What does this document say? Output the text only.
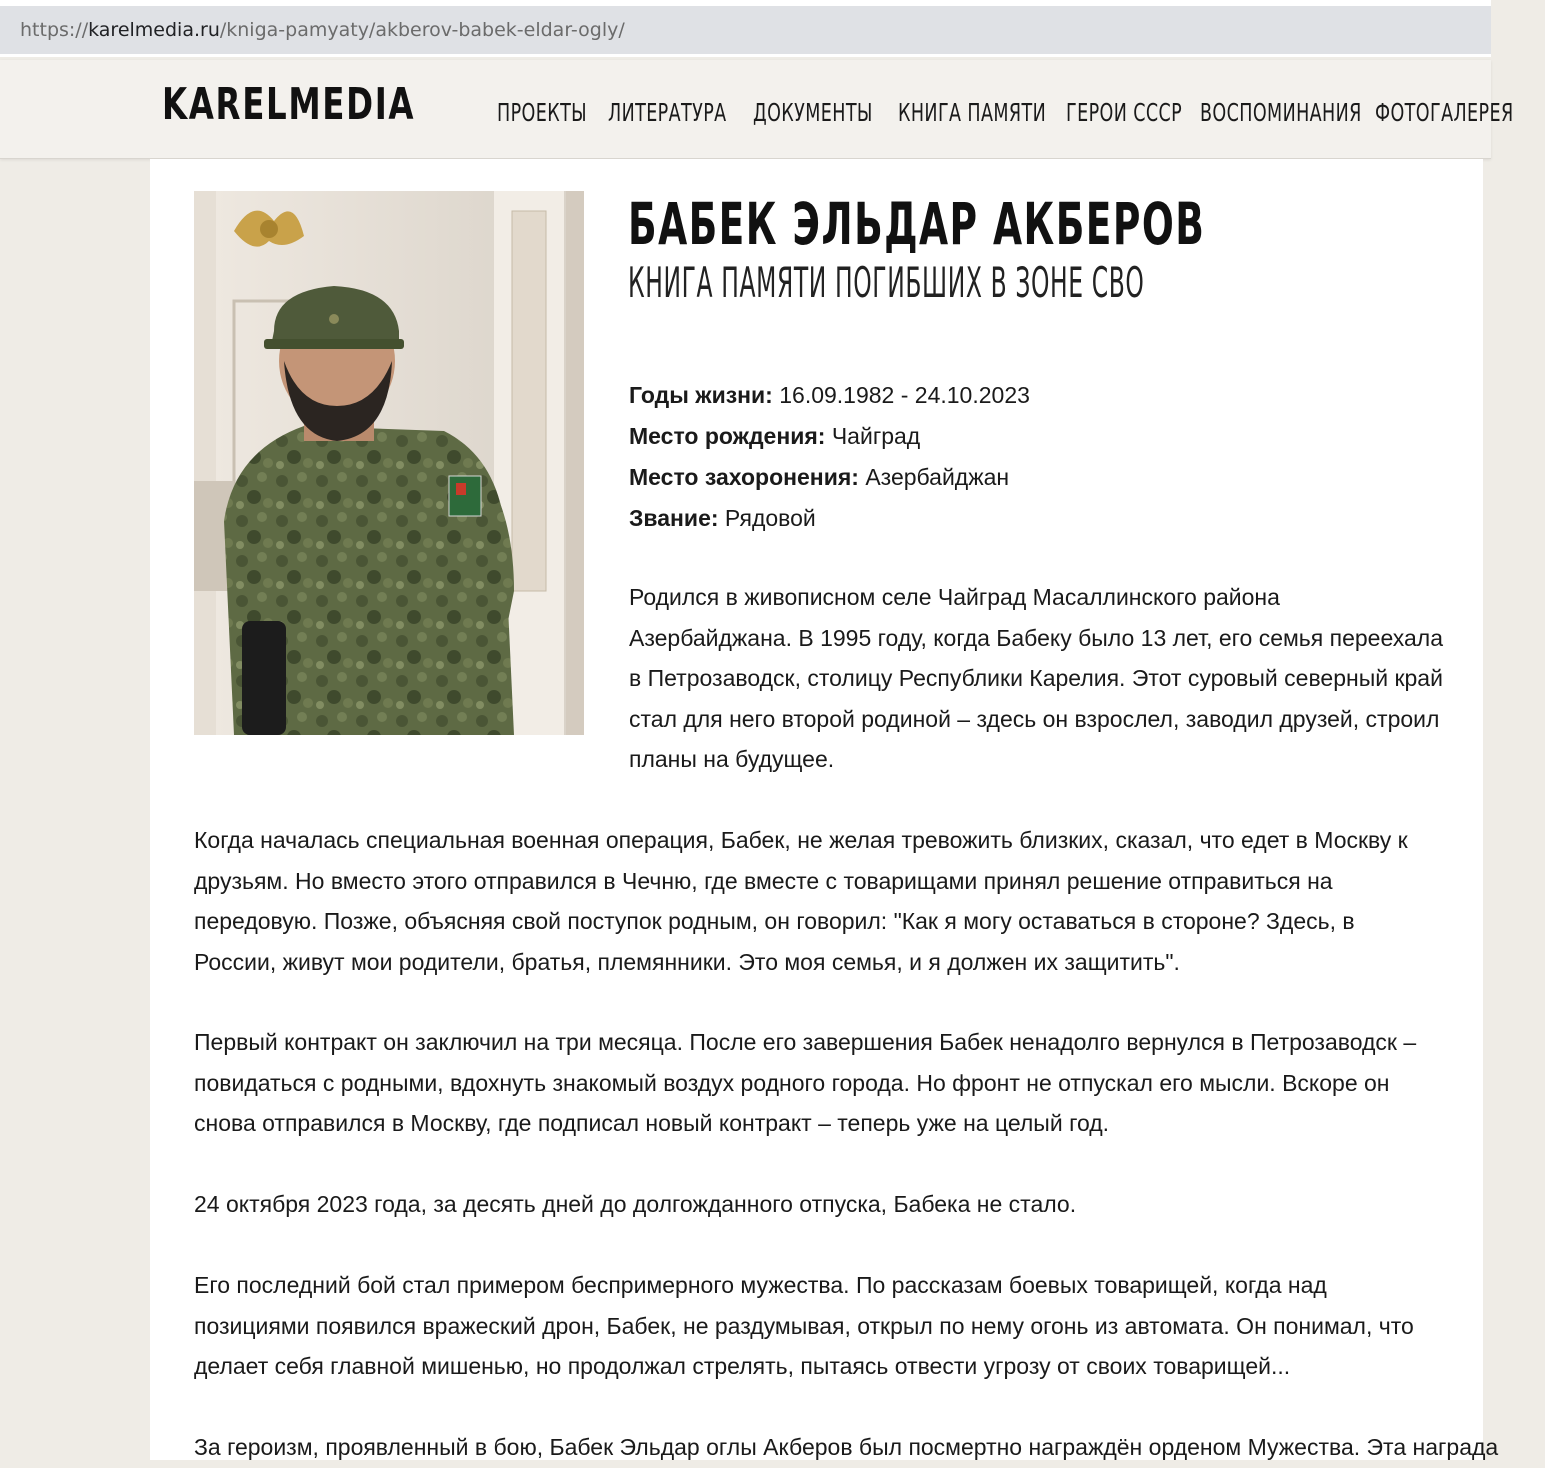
https:// karelmedia.ru /kniga-pamyaty/akberov-babek-eldar-ogly/
KARELMEDIA	ПРОЕКТЫ ЛИТЕРАТУРА ДОКУМЕНТЫ КНИГА ПАМЯТИ ГЕРОИ СССР ВОСПОМИНАНИЯ ФОТОГАЛЕРЕЯ
БАБЕК ЭЛЬДАР АКБЕРОВ
КНИГА ПАМЯТИ ПОГИБШИХ В ЗОНЕ СВО
Годы жизни: 16.09.1982 - 24.10.2023
Место рождения: Чайград
Место захоронения: Азербайджан
Звание: Рядовой

Родился в живописном селе Чайград Масаллинского района Азербайджана. В 1995 году, когда Бабеку было 13 лет, его семья переехала в Петрозаводск, столицу Республики Карелия. Этот суровый северный край стал для него второй родиной – здесь он взрослел, заводил друзей, строил планы на будущее.

Когда началась специальная военная операция, Бабек, не желая тревожить близких, сказал, что едет в Москву к друзьям. Но вместо этого отправился в Чечню, где вместе с товарищами принял решение отправиться на передовую. Позже, объясняя свой поступок родным, он говорил: "Как я могу оставаться в стороне? Здесь, в России, живут мои родители, братья, племянники. Это моя семья, и я должен их защитить".

Первый контракт он заключил на три месяца. После его завершения Бабек ненадолго вернулся в Петрозаводск – повидаться с родными, вдохнуть знакомый воздух родного города. Но фронт не отпускал его мысли. Вскоре он снова отправился в Москву, где подписал новый контракт – теперь уже на целый год.

24 октября 2023 года, за десять дней до долгожданного отпуска, Бабека не стало.

Его последний бой стал примером беспримерного мужества. По рассказам боевых товарищей, когда над позициями появился вражеский дрон, Бабек, не раздумывая, открыл по нему огонь из автомата. Он понимал, что делает себя главной мишенью, но продолжал стрелять, пытаясь отвести угрозу от своих товарищей...

За героизм, проявленный в бою, Бабек Эльдар оглы Акберов был посмертно награждён орденом Мужества. Эта награда
